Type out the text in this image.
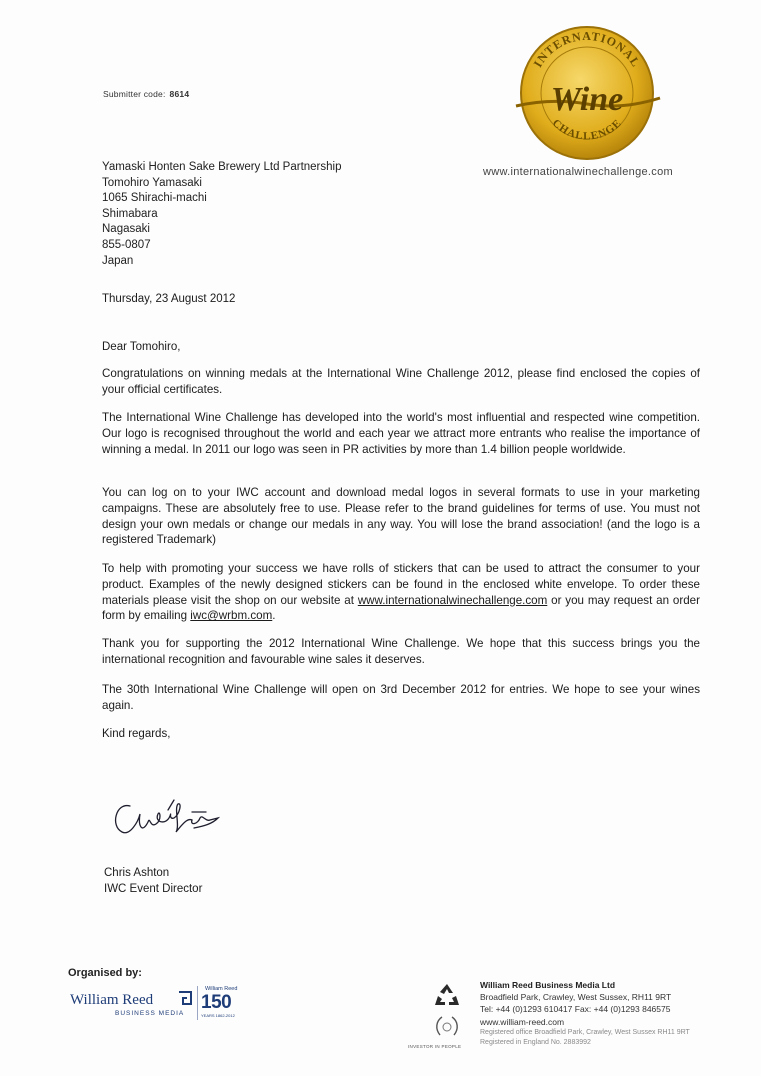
Submitter code: 8614
INTERNATIONAL
CHALLENGE
Wine
www.internationalwinechallenge.com
Yamaski Honten Sake Brewery Ltd Partnership
Tomohiro Yamasaki
1065 Shirachi-machi
Shimabara
Nagasaki
855-0807
Japan
Thursday, 23 August 2012
Dear Tomohiro,
Congratulations on winning medals at the International Wine Challenge 2012, please find enclosed the copies of your official certificates.
The International Wine Challenge has developed into the world's most influential and respected wine competition. Our logo is recognised throughout the world and each year we attract more entrants who realise the importance of winning a medal. In 2011 our logo was seen in PR activities by more than 1.4 billion people worldwide.
You can log on to your IWC account and download medal logos in several formats to use in your marketing campaigns. These are absolutely free to use. Please refer to the brand guidelines for terms of use. You must not design your own medals or change our medals in any way. You will lose the brand association! (and the logo is a registered Trademark)
To help with promoting your success we have rolls of stickers that can be used to attract the consumer to your product. Examples of the newly designed stickers can be found in the enclosed white envelope. To order these materials please visit the shop on our website at www.internationalwinechallenge.com or you may request an order form by emailing iwc@wrbm.com.
Thank you for supporting the 2012 International Wine Challenge. We hope that this success brings you the international recognition and favourable wine sales it deserves.
The 30th International Wine Challenge will open on 3rd December 2012 for entries. We hope to see your wines again.
Kind regards,
Chris Ashton
IWC Event Director
Organised by:
William Reed
BUSINESS MEDIA
William Reed
150
YEARS 1862-2012
INVESTOR IN PEOPLE
William Reed Business Media Ltd
Broadfield Park, Crawley, West Sussex, RH11 9RT
Tel: +44 (0)1293 610417 Fax: +44 (0)1293 846575
www.william-reed.com
Registered office Broadfield Park, Crawley, West Sussex RH11 9RT
Registered in England No. 2883992
